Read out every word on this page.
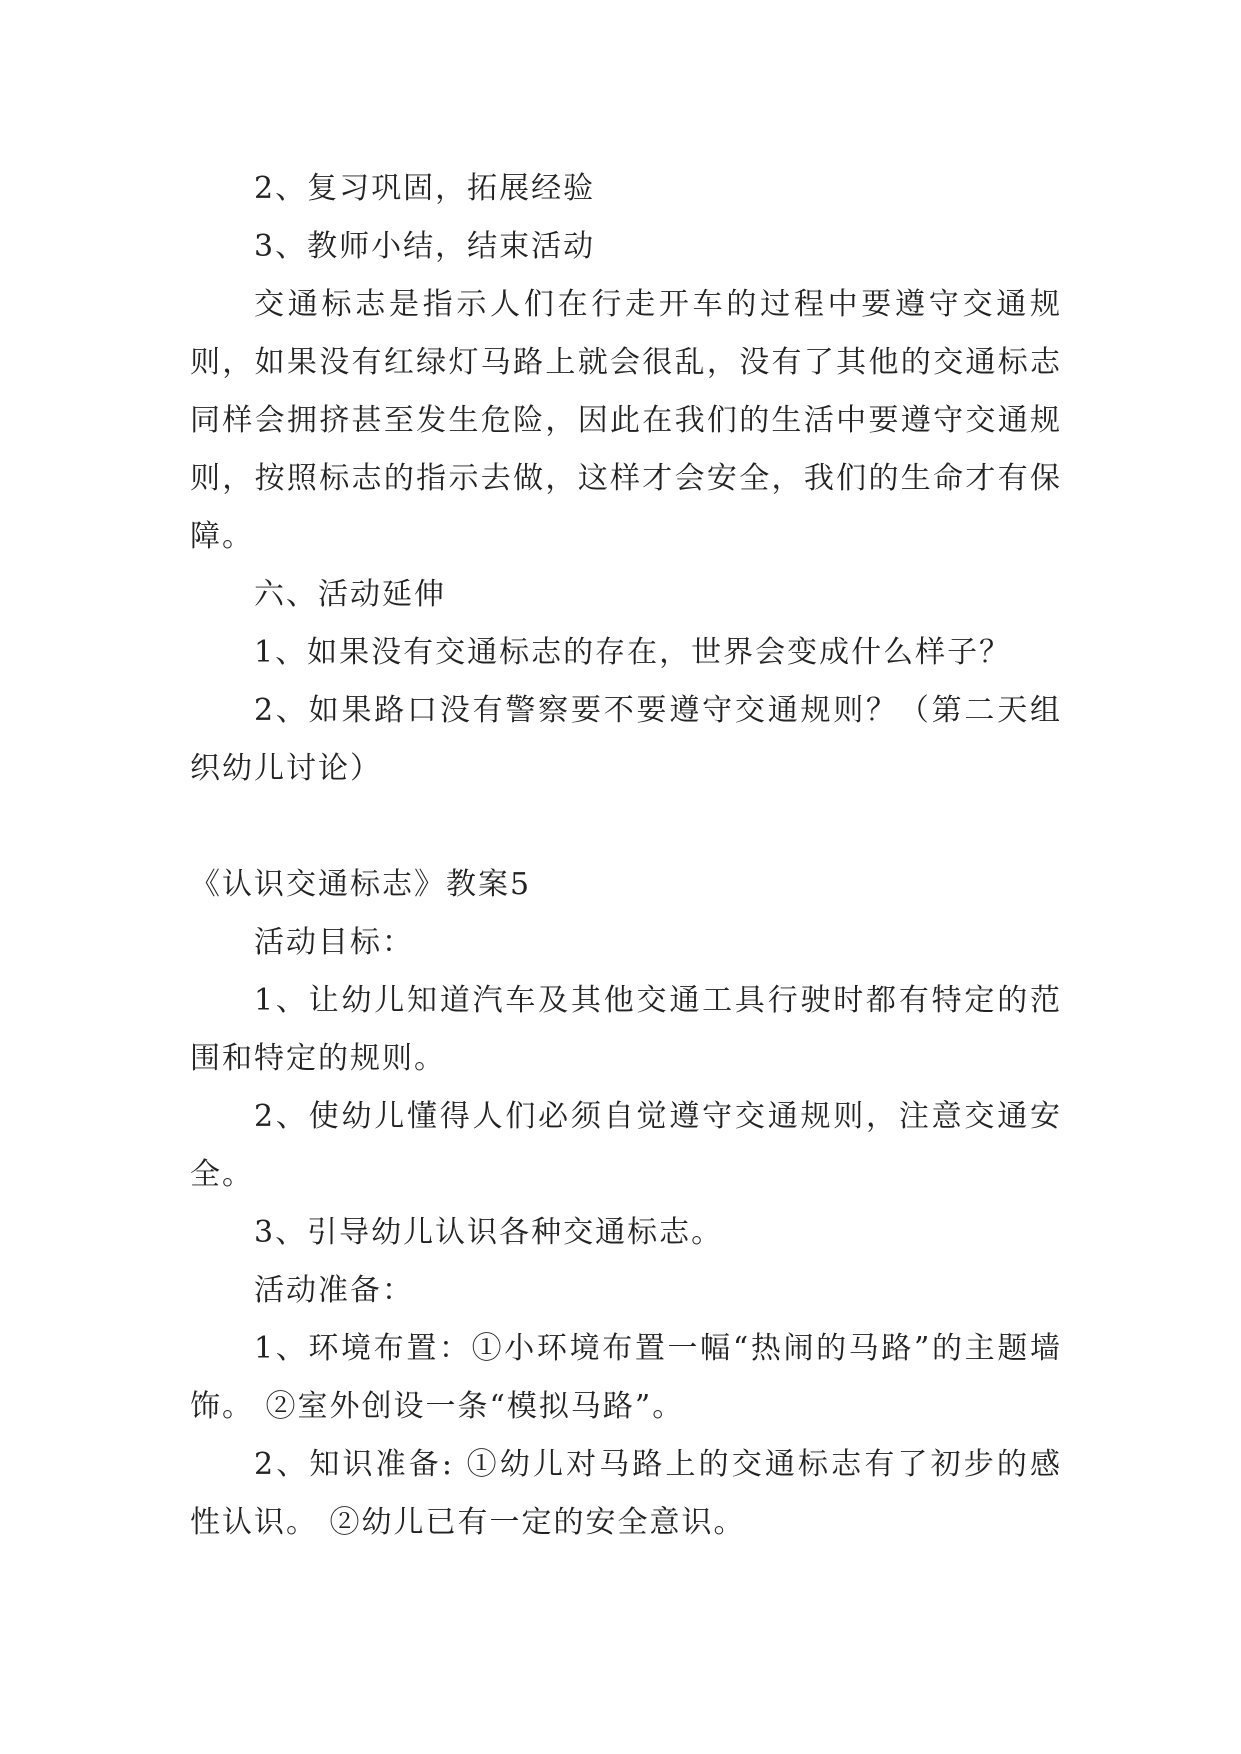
2、复习巩固，拓展经验

3、教师小结，结束活动

交通标志是指示人们在行走开车的过程中要遵守交通规则，如果没有红绿灯马路上就会很乱，没有了其他的交通标志同样会拥挤甚至发生危险，因此在我们的生活中要遵守交通规则，按照标志的指示去做，这样才会安全，我们的生命才有保障。

六、活动延伸

1、如果没有交通标志的存在，世界会变成什么样子？

2、如果路口没有警察要不要遵守交通规则？（第二天组织幼儿讨论）

《认识交通标志》教案5

活动目标：

1、让幼儿知道汽车及其他交通工具行驶时都有特定的范围和特定的规则。

2、使幼儿懂得人们必须自觉遵守交通规则，注意交通安全。

3、引导幼儿认识各种交通标志。

活动准备：

1、环境布置：①小环境布置一幅“热闹的马路”的主题墙饰。 ②室外创设一条“模拟马路”。

2、知识准备: ①幼儿对马路上的交通标志有了初步的感性认识。 ②幼儿已有一定的安全意识。
